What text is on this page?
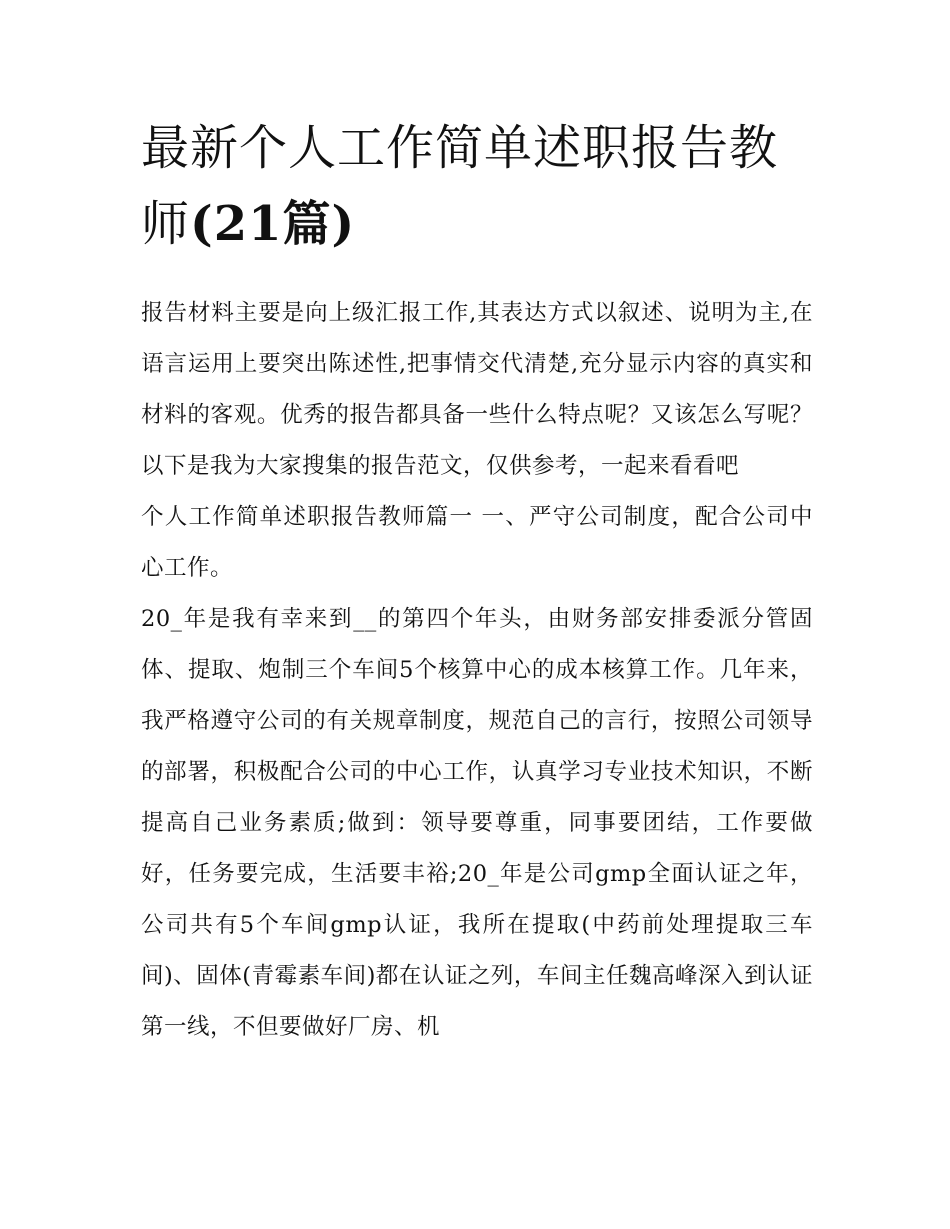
最新个人工作简单述职报告教师(21篇)

报告材料主要是向上级汇报工作,其表达方式以叙述、说明为主,在语言运用上要突出陈述性,把事情交代清楚,充分显示内容的真实和材料的客观。优秀的报告都具备一些什么特点呢？又该怎么写呢？以下是我为大家搜集的报告范文，仅供参考，一起来看看吧

个人工作简单述职报告教师篇一 一、严守公司制度，配合公司中心工作。

20_年是我有幸来到__的第四个年头，由财务部安排委派分管固体、提取、炮制三个车间5个核算中心的成本核算工作。几年来，我严格遵守公司的有关规章制度，规范自己的言行，按照公司领导的部署，积极配合公司的中心工作，认真学习专业技术知识，不断提高自己业务素质;做到：领导要尊重，同事要团结，工作要做好，任务要完成，生活要丰裕;20_年是公司gmp全面认证之年，公司共有5个车间gmp认证，我所在提取(中药前处理提取三车间)、固体(青霉素车间)都在认证之列，车间主任魏高峰深入到认证第一线，不但要做好厂房、机
